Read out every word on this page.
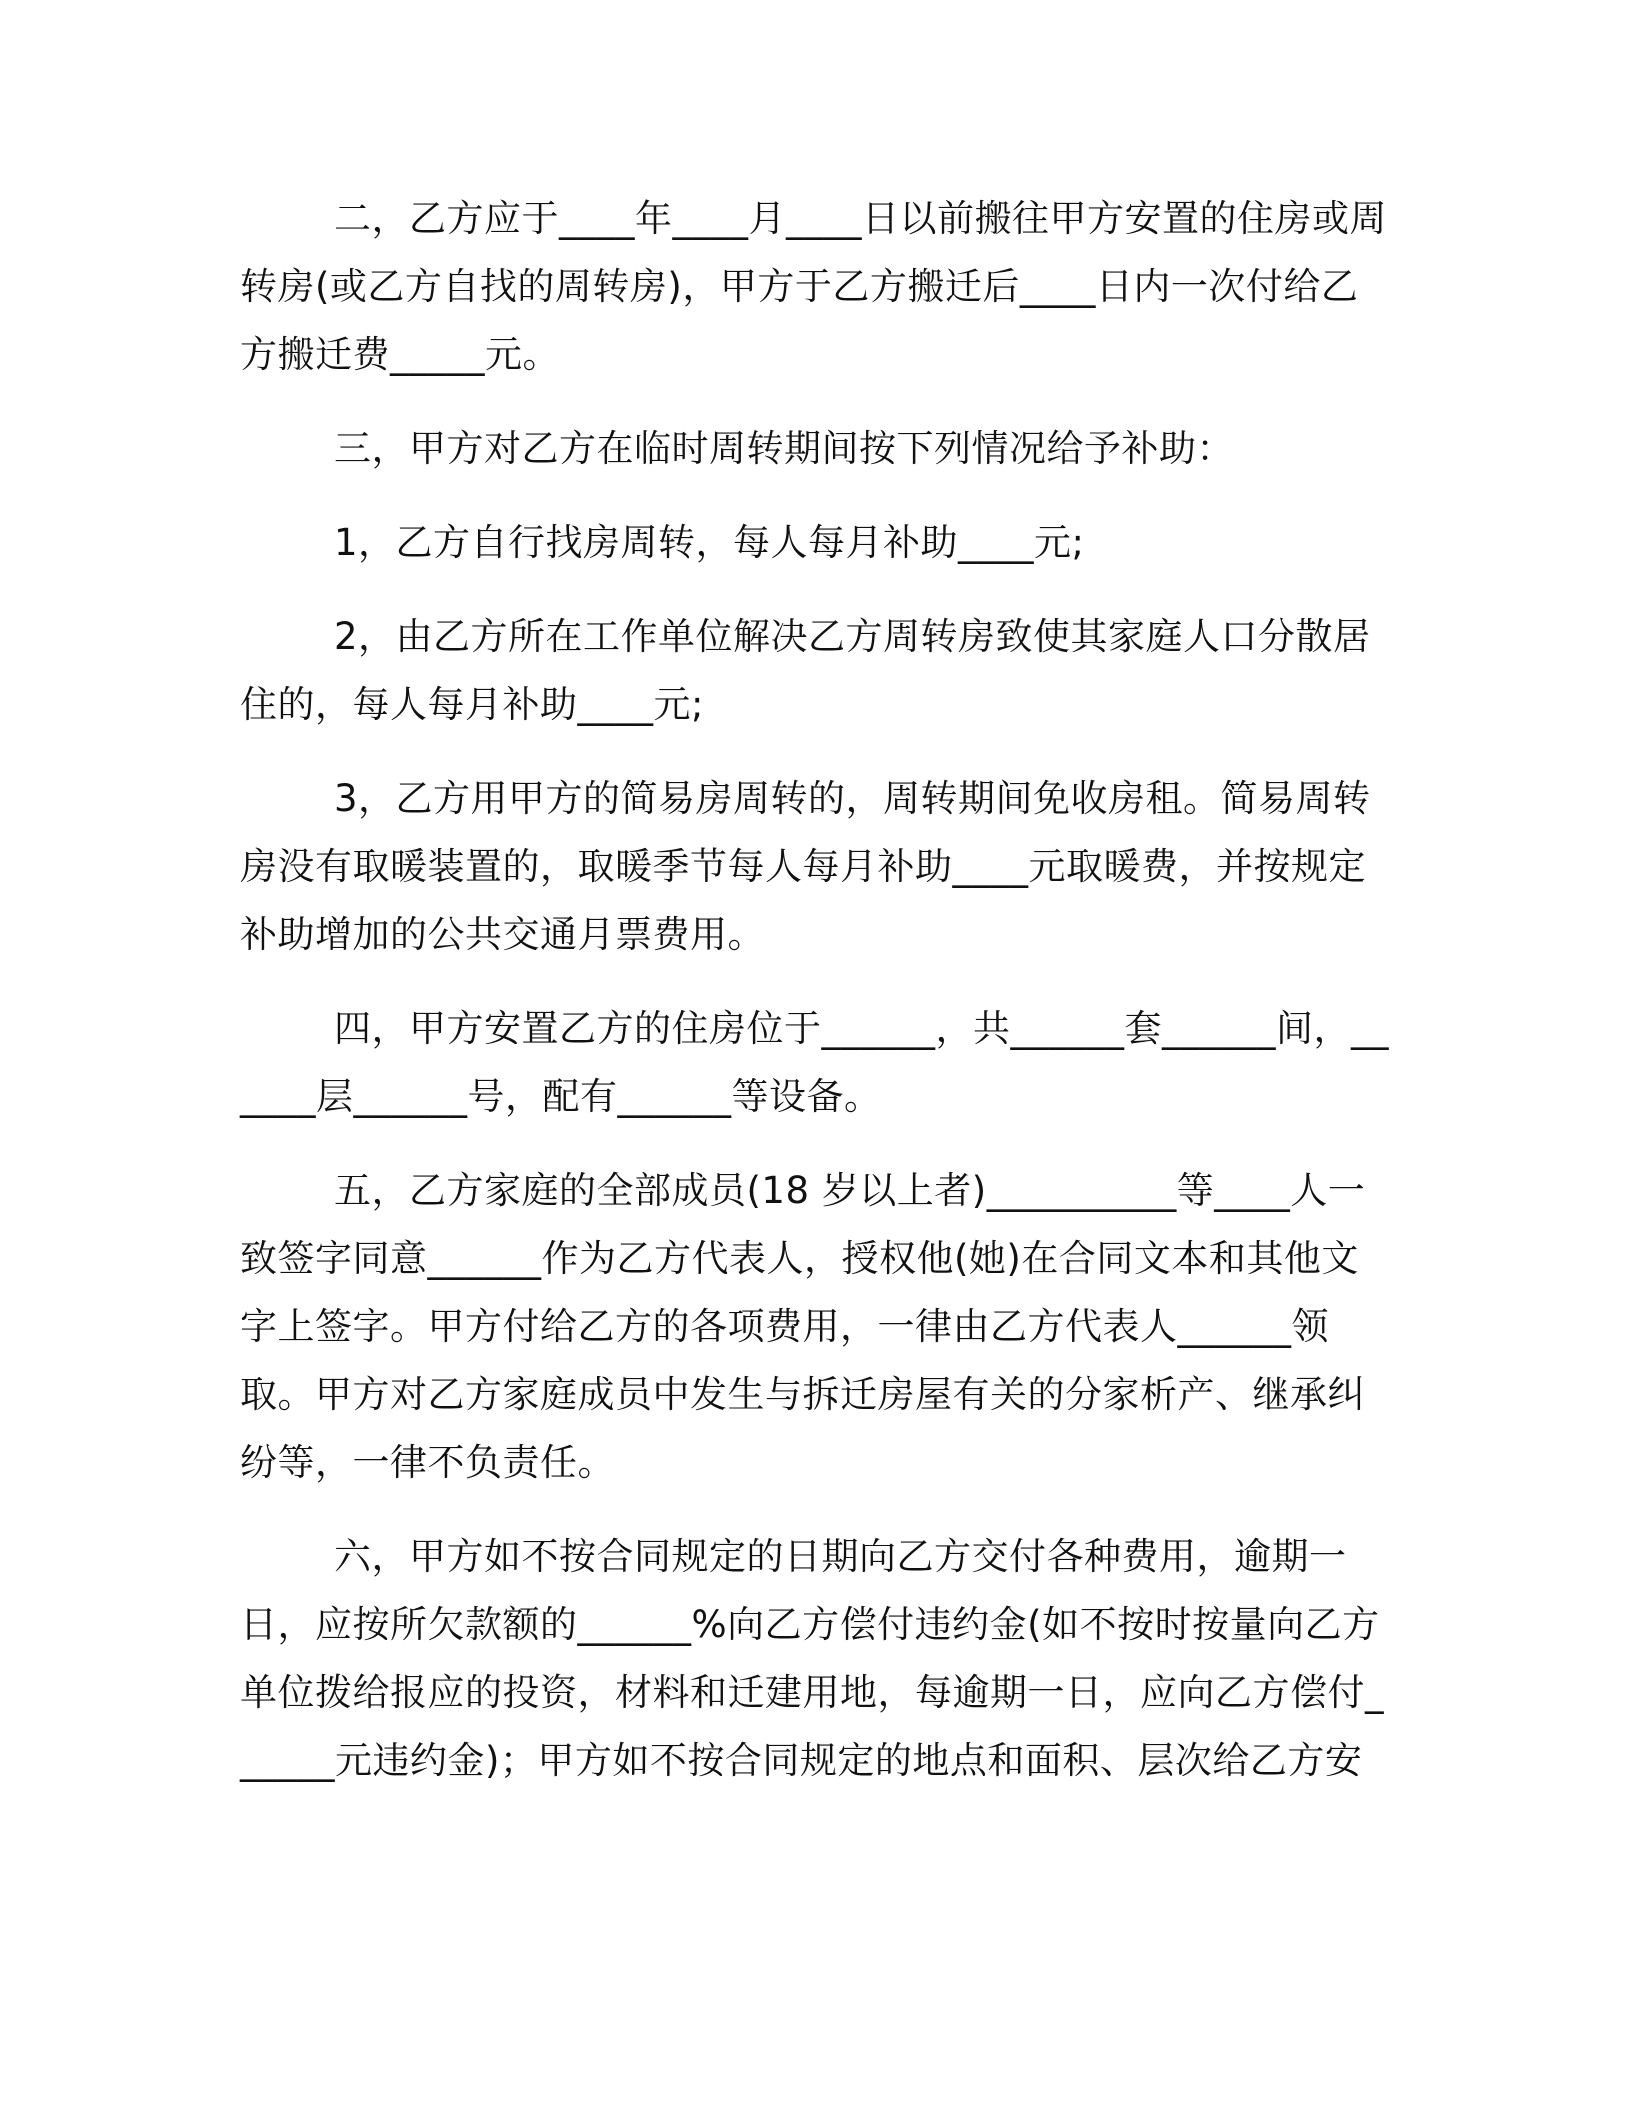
二，乙方应于____年____月____日以前搬往甲方安置的住房或周转房(或乙方自找的周转房)，甲方于乙方搬迁后____日内一次付给乙方搬迁费_____元。

三，甲方对乙方在临时周转期间按下列情况给予补助：

1，乙方自行找房周转，每人每月补助____元;

2，由乙方所在工作单位解决乙方周转房致使其家庭人口分散居住的，每人每月补助____元;

3，乙方用甲方的简易房周转的，周转期间免收房租。简易周转房没有取暖装置的，取暖季节每人每月补助____元取暖费，并按规定补助增加的公共交通月票费用。

四，甲方安置乙方的住房位于______，共______套______间，______层______号，配有______等设备。

五，乙方家庭的全部成员(18 岁以上者)__________等____人一致签字同意______作为乙方代表人，授权他(她)在合同文本和其他文字上签字。甲方付给乙方的各项费用，一律由乙方代表人______领取。甲方对乙方家庭成员中发生与拆迁房屋有关的分家析产、继承纠纷等，一律不负责任。

六，甲方如不按合同规定的日期向乙方交付各种费用，逾期一日，应按所欠款额的______%向乙方偿付违约金(如不按时按量向乙方单位拨给报应的投资，材料和迁建用地，每逾期一日，应向乙方偿付______元违约金)；甲方如不按合同规定的地点和面积、层次给乙方安
